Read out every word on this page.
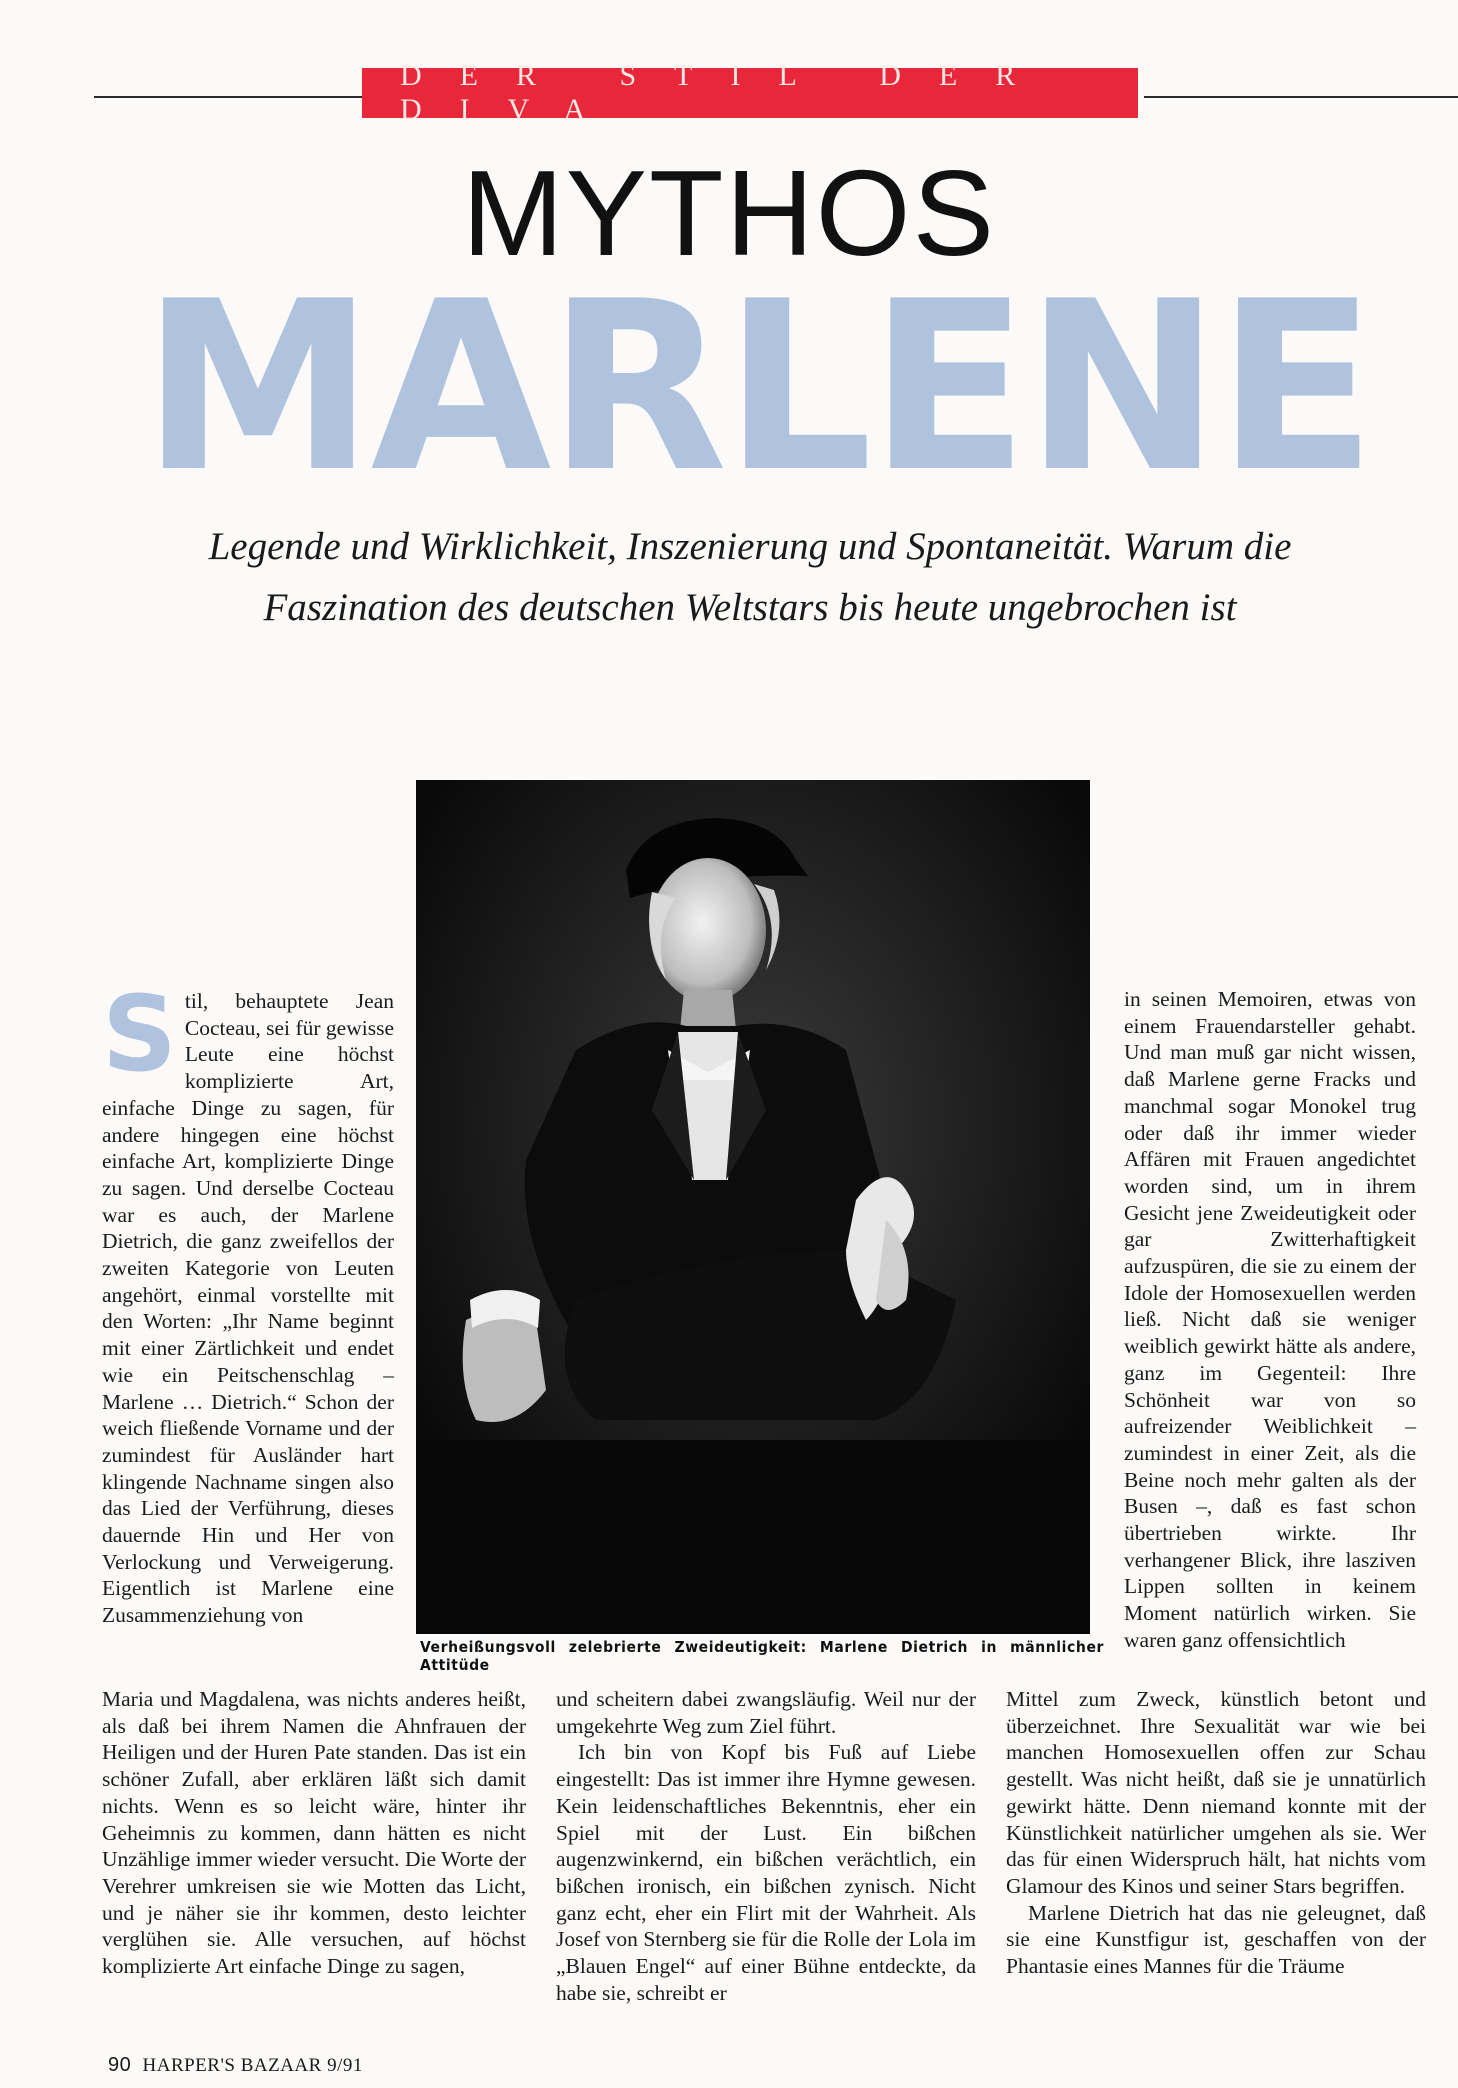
DER STIL DER DIVA
MYTHOS
MARLENE
Legende und Wirklichkeit, Inszenierung und Spontaneität. Warum die Faszination des deutschen Weltstars bis heute ungebrochen ist
Verheißungsvoll zelebrierte Zweideutigkeit: Marlene Dietrich in männlicher Attitüde
S til, behauptete Jean Cocteau, sei für gewisse Leute eine höchst komplizierte Art, einfache Dinge zu sagen, für andere hingegen eine höchst einfache Art, komplizierte Dinge zu sagen. Und derselbe Cocteau war es auch, der Marlene Dietrich, die ganz zweifellos der zweiten Kategorie von Leuten angehört, einmal vorstellte mit den Worten: „Ihr Name beginnt mit einer Zärtlichkeit und endet wie ein Peitschenschlag – Marlene … Dietrich.“ Schon der weich fließende Vorname und der zumindest für Ausländer hart klingende Nachname singen also das Lied der Verführung, dieses dauernde Hin und Her von Verlockung und Verweigerung. Eigentlich ist Marlene eine Zusammenziehung von
Maria und Magdalena, was nichts anderes heißt, als daß bei ihrem Namen die Ahnfrauen der Heiligen und der Huren Pate standen. Das ist ein schöner Zufall, aber erklären läßt sich damit nichts. Wenn es so leicht wäre, hinter ihr Geheimnis zu kommen, dann hätten es nicht Unzählige immer wieder versucht. Die Worte der Verehrer umkreisen sie wie Motten das Licht, und je näher sie ihr kommen, desto leichter verglühen sie. Alle versuchen, auf höchst komplizierte Art einfache Dinge zu sagen,

und scheitern dabei zwangsläufig. Weil nur der umgekehrte Weg zum Ziel führt.

Ich bin von Kopf bis Fuß auf Liebe eingestellt: Das ist immer ihre Hymne gewesen. Kein leidenschaftliches Bekenntnis, eher ein Spiel mit der Lust. Ein bißchen augenzwinkernd, ein bißchen verächtlich, ein bißchen ironisch, ein bißchen zynisch. Nicht ganz echt, eher ein Flirt mit der Wahrheit. Als Josef von Sternberg sie für die Rolle der Lola im „Blauen Engel“ auf einer Bühne entdeckte, da habe sie, schreibt er

in seinen Memoiren, etwas von einem Frauendarsteller gehabt. Und man muß gar nicht wissen, daß Marlene gerne Fracks und manchmal sogar Monokel trug oder daß ihr immer wieder Affären mit Frauen angedichtet worden sind, um in ihrem Gesicht jene Zweideutigkeit oder gar Zwitterhaftigkeit aufzuspüren, die sie zu einem der Idole der Homosexuellen werden ließ. Nicht daß sie weniger weiblich gewirkt hätte als andere, ganz im Gegenteil: Ihre Schönheit war von so aufreizender Weiblichkeit – zumindest in einer Zeit, als die Beine noch mehr galten als der Busen –, daß es fast schon übertrieben wirkte. Ihr verhangener Blick, ihre lasziven Lippen sollten in keinem Moment natürlich wirken. Sie waren ganz offensichtlich

Mittel zum Zweck, künstlich betont und überzeichnet. Ihre Sexualität war wie bei manchen Homosexuellen offen zur Schau gestellt. Was nicht heißt, daß sie je unnatürlich gewirkt hätte. Denn niemand konnte mit der Künstlichkeit natürlicher umgehen als sie. Wer das für einen Widerspruch hält, hat nichts vom Glamour des Kinos und seiner Stars begriffen.

Marlene Dietrich hat das nie geleugnet, daß sie eine Kunstfigur ist, geschaffen von der Phantasie eines Mannes für die Träume

90 HARPER'S BAZAAR 9/91
